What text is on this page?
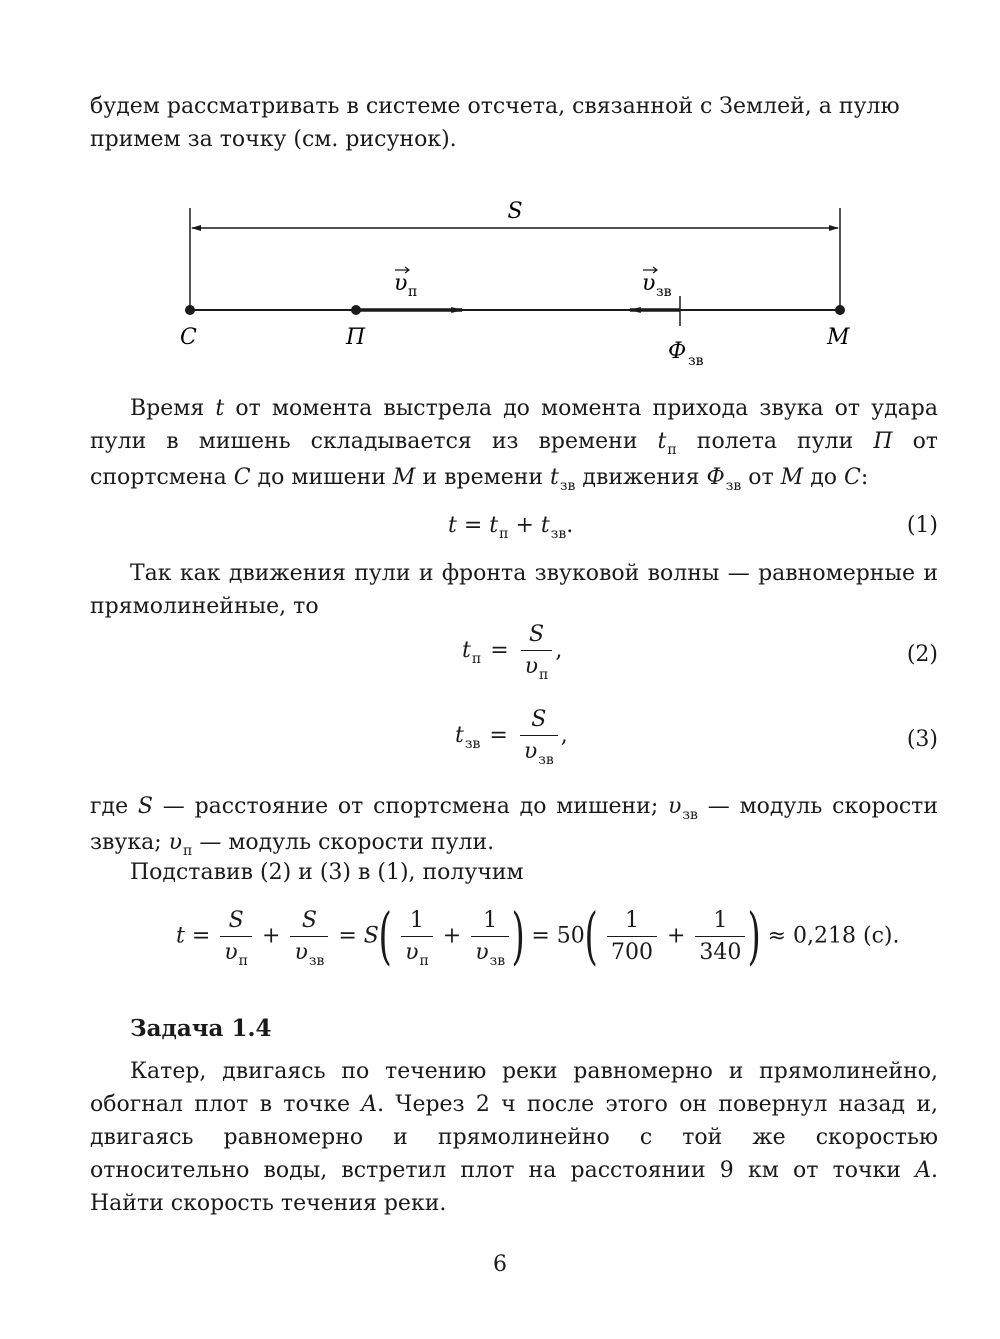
будем рассматривать в системе отсчета, связанной с Землей, а пулю
примем за точку (см. рисунок).

S
υ п	υ зв
C	П	M
Ф зв

Время t от момента выстрела до момента прихода звука от удара пули в мишень складывается из времени $t_п$ полета пули П от спортсмена C до мишени M и времени $t_{зв}$ движения $Ф_{зв}$ от M до C:

$t = t_п + t_{зв}$.	(1)

Так как движения пули и фронта звуковой волны — равномерные и прямолинейные, то

$t_п = \frac{S}{\upsilon_п}$ ,	(2)
$t_{зв} = \frac{S}{\upsilon_{зв}}$ ,	(3)

где S — расстояние от спортсмена до мишени; $\upsilon_{зв}$ — модуль скорости звука; $\upsilon_п$ — модуль скорости пули.

Подставив (2) и (3) в (1), получим

$t = \frac{S}{\upsilon_п} + \frac{S}{\upsilon_{зв}} = S( \frac{1}{\upsilon_п} + \frac{1}{\upsilon_{зв}}$ ) = $50( \frac{1}{700} + \frac{1}{340}$ ) ≈ 0,218 (с).
Задача 1.4

Катер, двигаясь по течению реки равномерно и прямолинейно, обогнал плот в точке A. Через 2 ч после этого он повернул назад и, двигаясь равномерно и прямолинейно с той же скоростью относительно воды, встретил плот на расстоянии 9 км от точки A. Найти скорость течения реки.

6
